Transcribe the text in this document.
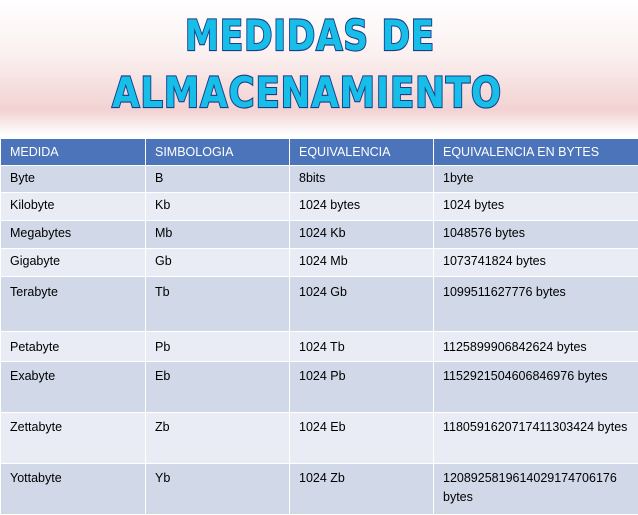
MEDIDAS DE
ALMACENAMIENTO
MEDIDA	SIMBOLOGIA	EQUIVALENCIA	EQUIVALENCIA EN BYTES
Byte	B	8bits	1byte
Kilobyte	Kb	1024 bytes	1024 bytes
Megabytes	Mb	1024 Kb	1048576 bytes
Gigabyte	Gb	1024 Mb	1073741824 bytes
Terabyte	Tb	1024 Gb	1099511627776 bytes
Petabyte	Pb	1024 Tb	1125899906842624 bytes
Exabyte	Eb	1024 Pb	1152921504606846976 bytes
Zettabyte	Zb	1024 Eb	1180591620717411303424 bytes
Yottabyte	Yb	1024 Zb	1208925819614029174706176 bytes
